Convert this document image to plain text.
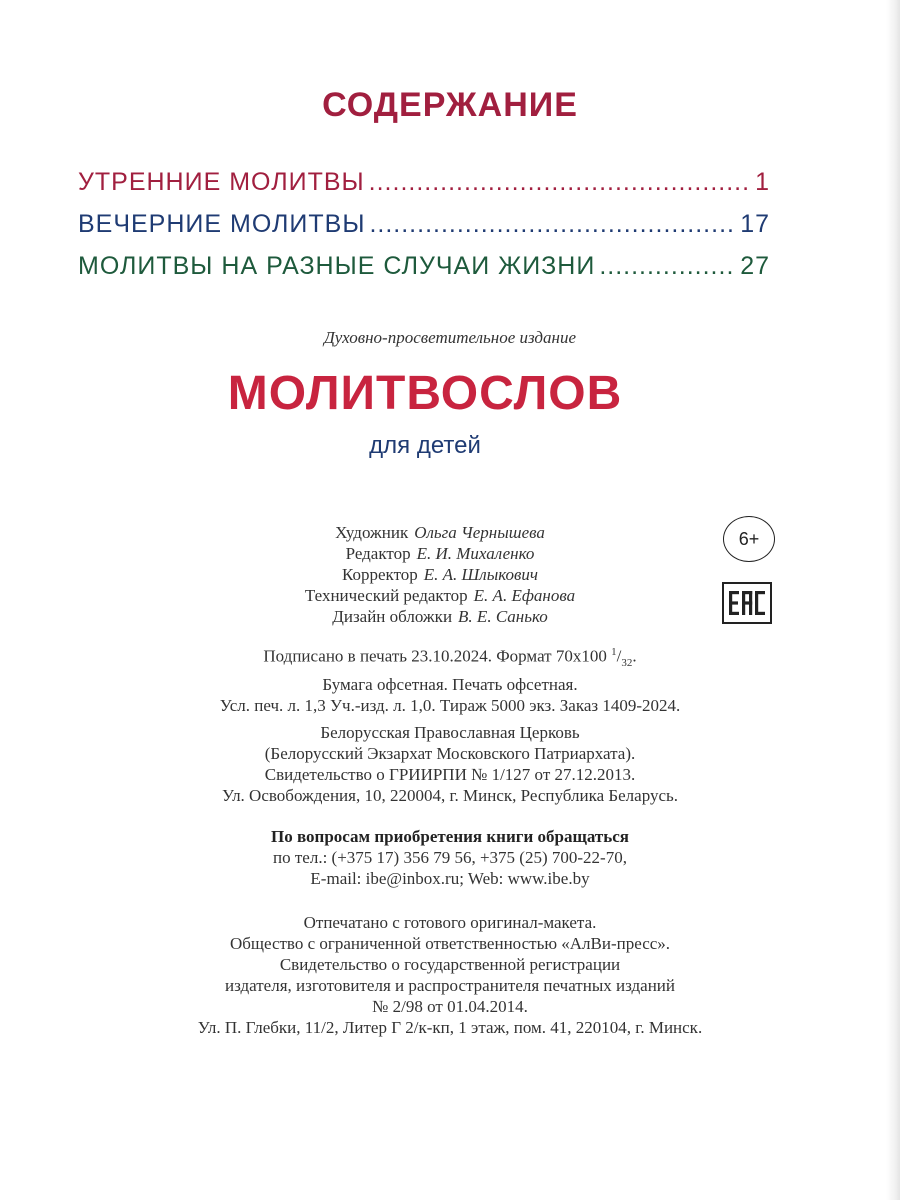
СОДЕРЖАНИЕ
УТРЕННИЕ МОЛИТВЫ .....	1
ВЕЧЕРНИЕ МОЛИТВЫ .....	17
МОЛИТВЫ НА РАЗНЫЕ СЛУЧАИ ЖИЗНИ .....	27
Духовно-просветительное издание
МОЛИТВОСЛОВ
для детей
Художник Ольга Чернышева
Редактор Е. И. Михаленко
Корректор Е. А. Шлыкович
Технический редактор Е. А. Ефанова
Дизайн обложки В. Е. Санько
6+
Подписано в печать 23.10.2024. Формат 70х100 $^1/_{32}$.
Бумага офсетная. Печать офсетная.
Усл. печ. л. 1,3 Уч.-изд. л. 1,0. Тираж 5000 экз. Заказ 1409-2024.
Белорусская Православная Церковь
(Белорусский Экзархат Московского Патриархата).
Свидетельство о ГРИИРПИ № 1/127 от 27.12.2013.
Ул. Освобождения, 10, 220004, г. Минск, Республика Беларусь.
По вопросам приобретения книги обращаться
по тел.: (+375 17) 356 79 56, +375 (25) 700-22-70,
E-mail: ibe@inbox.ru; Web: www.ibe.by
Отпечатано с готового оригинал-макета.
Общество с ограниченной ответственностью «АлВи-пресс».
Свидетельство о государственной регистрации
издателя, изготовителя и распространителя печатных изданий
№ 2/98 от 01.04.2014.
Ул. П. Глебки, 11/2, Литер Г 2/к-кп, 1 этаж, пом. 41, 220104, г. Минск.
